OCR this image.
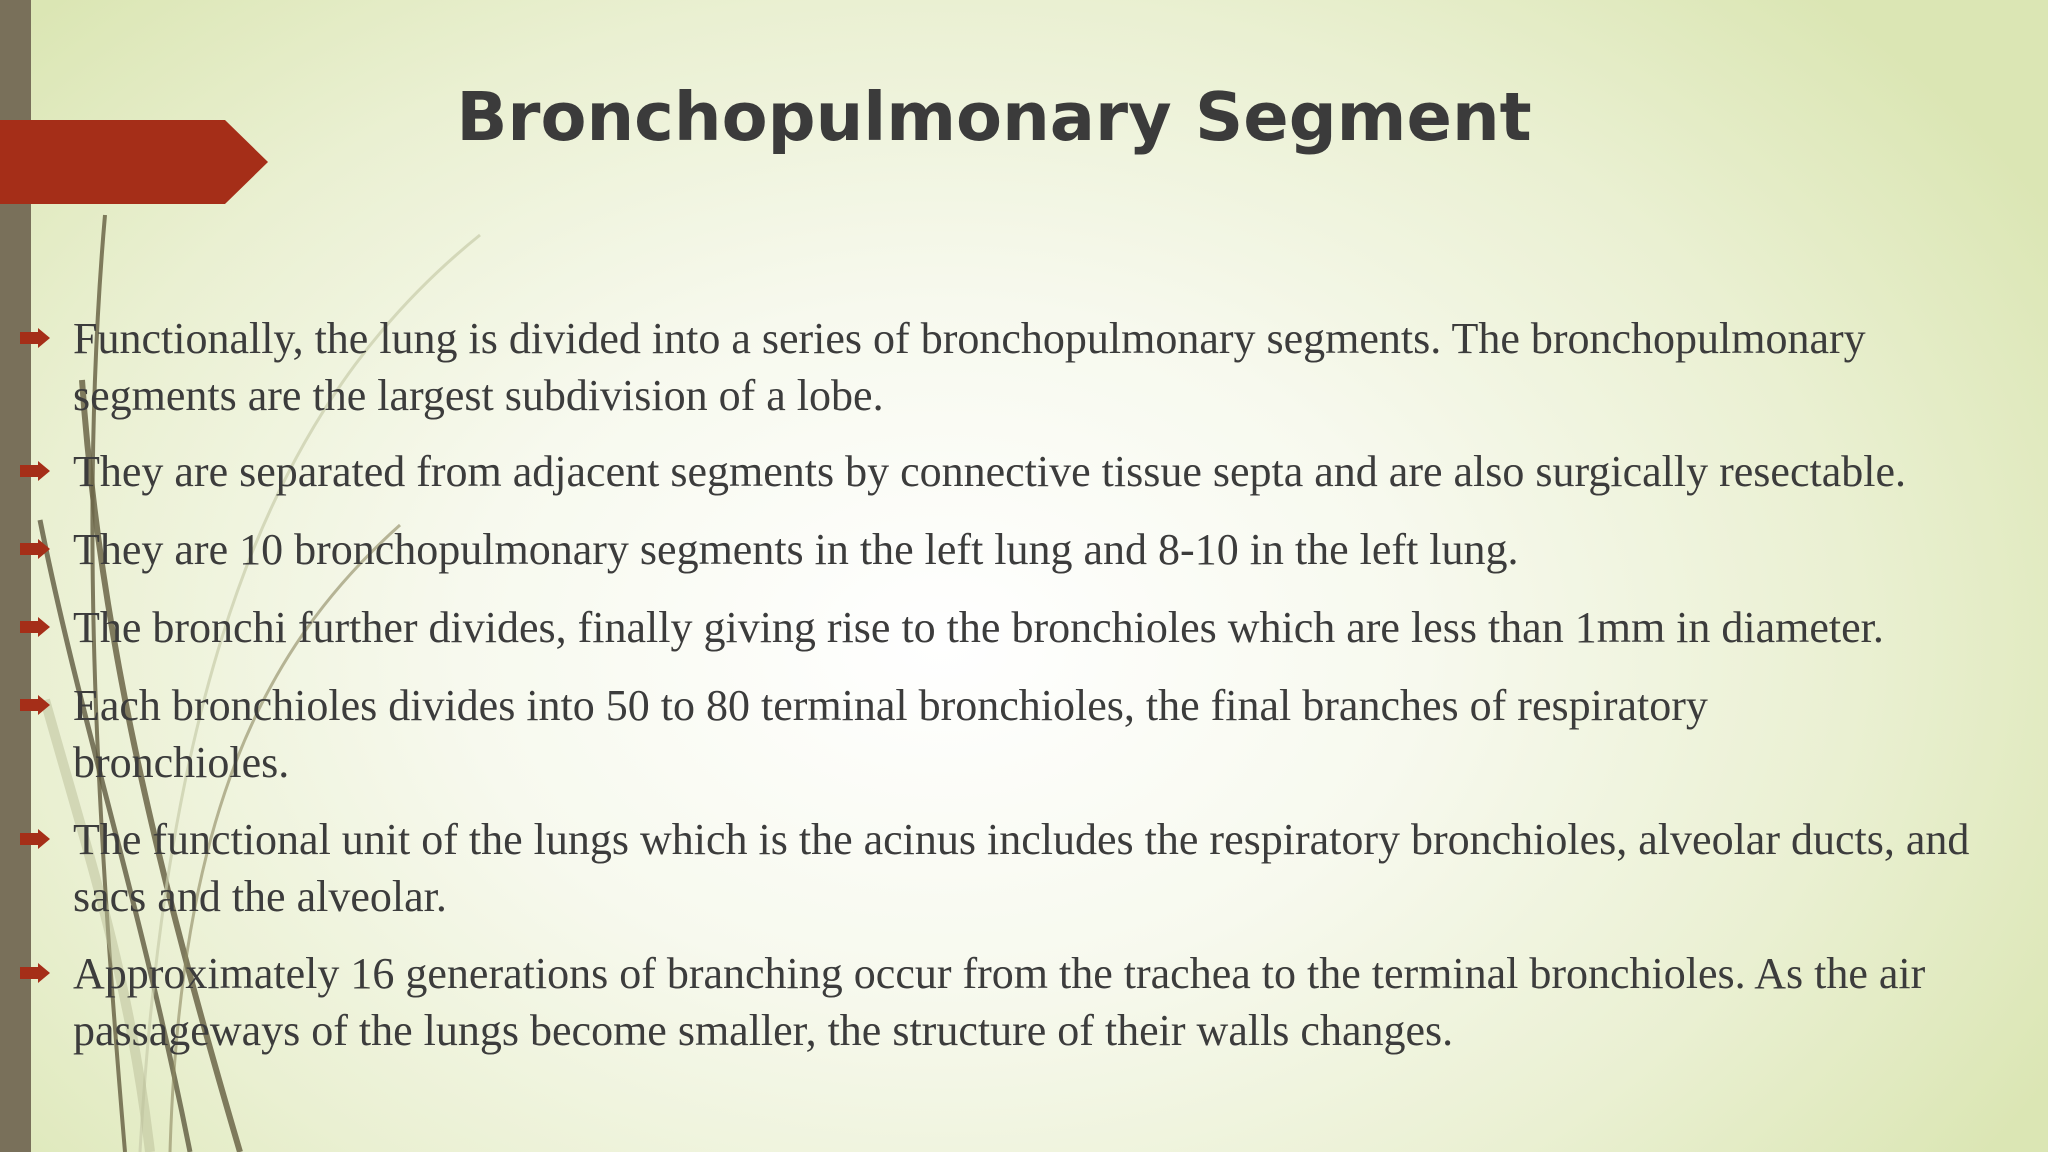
Bronchopulmonary Segment
Functionally, the lung is divided into a series of bronchopulmonary segments. The bronchopulmonary segments are the largest subdivision of a lobe.
They are separated from adjacent segments by connective tissue septa and are also surgically resectable.
They are 10 bronchopulmonary segments in the left lung and 8-10 in the left lung.
The bronchi further divides, finally giving rise to the bronchioles which are less than 1mm in diameter.
Each bronchioles divides into 50 to 80 terminal bronchioles, the final branches of respiratory bronchioles.
The functional unit of the lungs which is the acinus includes the respiratory bronchioles, alveolar ducts, and sacs and the alveolar.
Approximately 16 generations of branching occur from the trachea to the terminal bronchioles. As the air passageways of the lungs become smaller, the structure of their walls changes.
